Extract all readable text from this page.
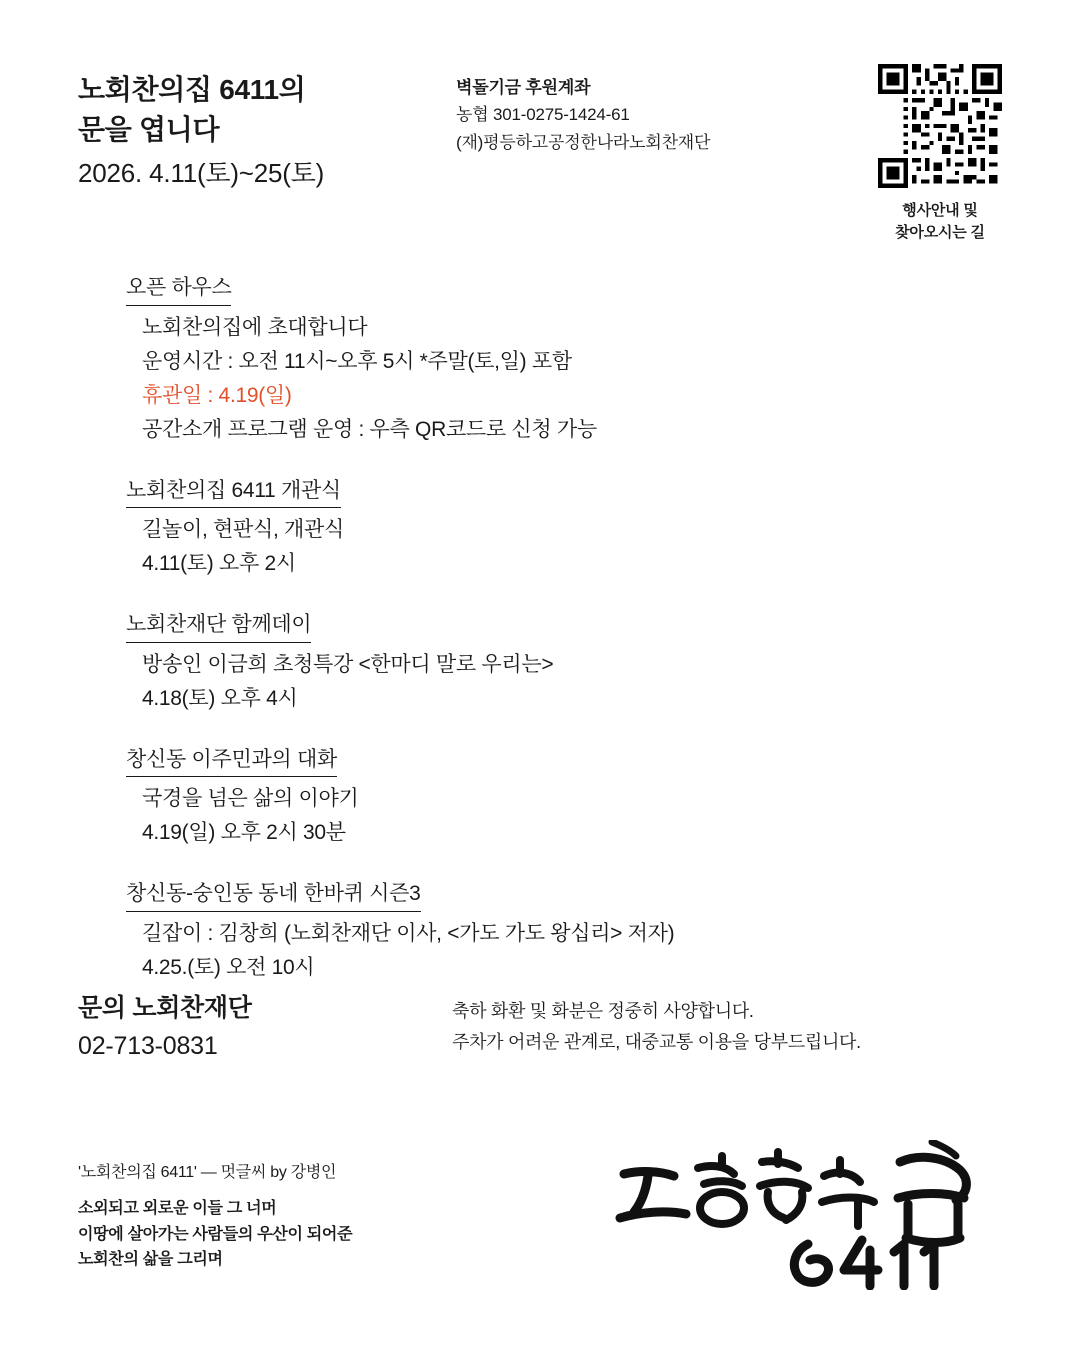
노회찬의집 6411의
문을 엽니다
2026. 4.11(토)~25(토)
벽돌기금 후원계좌
농협 301-0275-1424-61
(재)평등하고공정한나라노회찬재단
행사안내 및
찾아오시는 길
오픈 하우스
노회찬의집에 초대합니다
운영시간 : 오전 11시~오후 5시 *주말(토,일) 포함
휴관일 : 4.19(일)
공간소개 프로그램 운영 : 우측 QR코드로 신청 가능
노회찬의집 6411 개관식
길놀이, 현판식, 개관식
4.11(토) 오후 2시
노회찬재단 함께데이
방송인 이금희 초청특강 <한마디 말로 우리는>
4.18(토) 오후 4시
창신동 이주민과의 대화
국경을 넘은 삶의 이야기
4.19(일) 오후 2시 30분
창신동-숭인동 동네 한바퀴 시즌3
길잡이 : 김창희 (노회찬재단 이사, <가도 가도 왕십리> 저자)
4.25.(토) 오전 10시
문의 노회찬재단
02-713-0831
축하 화환 및 화분은 정중히 사양합니다.
주차가 어려운 관계로, 대중교통 이용을 당부드립니다.
'노회찬의집 6411' — 멋글씨 by 강병인
소외되고 외로운 이들 그 너머
이땅에 살아가는 사람들의 우산이 되어준
노회찬의 삶을 그리며
